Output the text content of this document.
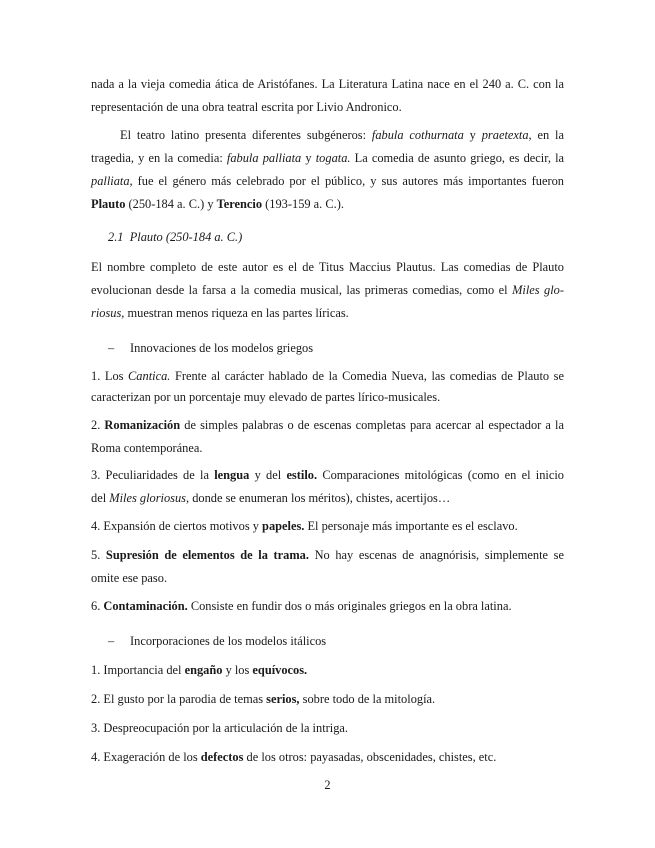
nada a la vieja comedia ática de Aristófanes. La Literatura Latina nace en el 240 a. C. con la
representación de una obra teatral escrita por Livio Andronico.
El teatro latino presenta diferentes subgéneros: fabula cothurnata y praetexta, en la
tragedia, y en la comedia: fabula palliata y togata. La comedia de asunto griego, es decir, la
palliata, fue el género más celebrado por el público, y sus autores más importantes fueron
Plauto (250-184 a. C.) y Terencio (193-159 a. C.).
2.1 Plauto (250-184 a. C.)
El nombre completo de este autor es el de Titus Maccius Plautus. Las comedias de Plauto
evolucionan desde la farsa a la comedia musical, las primeras comedias, como el Miles glo-
riosus, muestran menos riqueza en las partes líricas.
– Innovaciones de los modelos griegos
1. Los Cantica. Frente al carácter hablado de la Comedia Nueva, las comedias de Plauto se
caracterizan por un porcentaje muy elevado de partes lírico-musicales.
2. Romanización de simples palabras o de escenas completas para acercar al espectador a la
Roma contemporánea.
3. Peculiaridades de la lengua y del estilo. Comparaciones mitológicas (como en el inicio
del Miles gloriosus, donde se enumeran los méritos), chistes, acertijos…
4. Expansión de ciertos motivos y papeles. El personaje más importante es el esclavo.
5. Supresión de elementos de la trama. No hay escenas de anagnórisis, simplemente se
omite ese paso.
6. Contaminación. Consiste en fundir dos o más originales griegos en la obra latina.
– Incorporaciones de los modelos itálicos
1. Importancia del engaño y los equívocos.
2. El gusto por la parodia de temas serios, sobre todo de la mitología.
3. Despreocupación por la articulación de la intriga.
4. Exageración de los defectos de los otros: payasadas, obscenidades, chistes, etc.
2
